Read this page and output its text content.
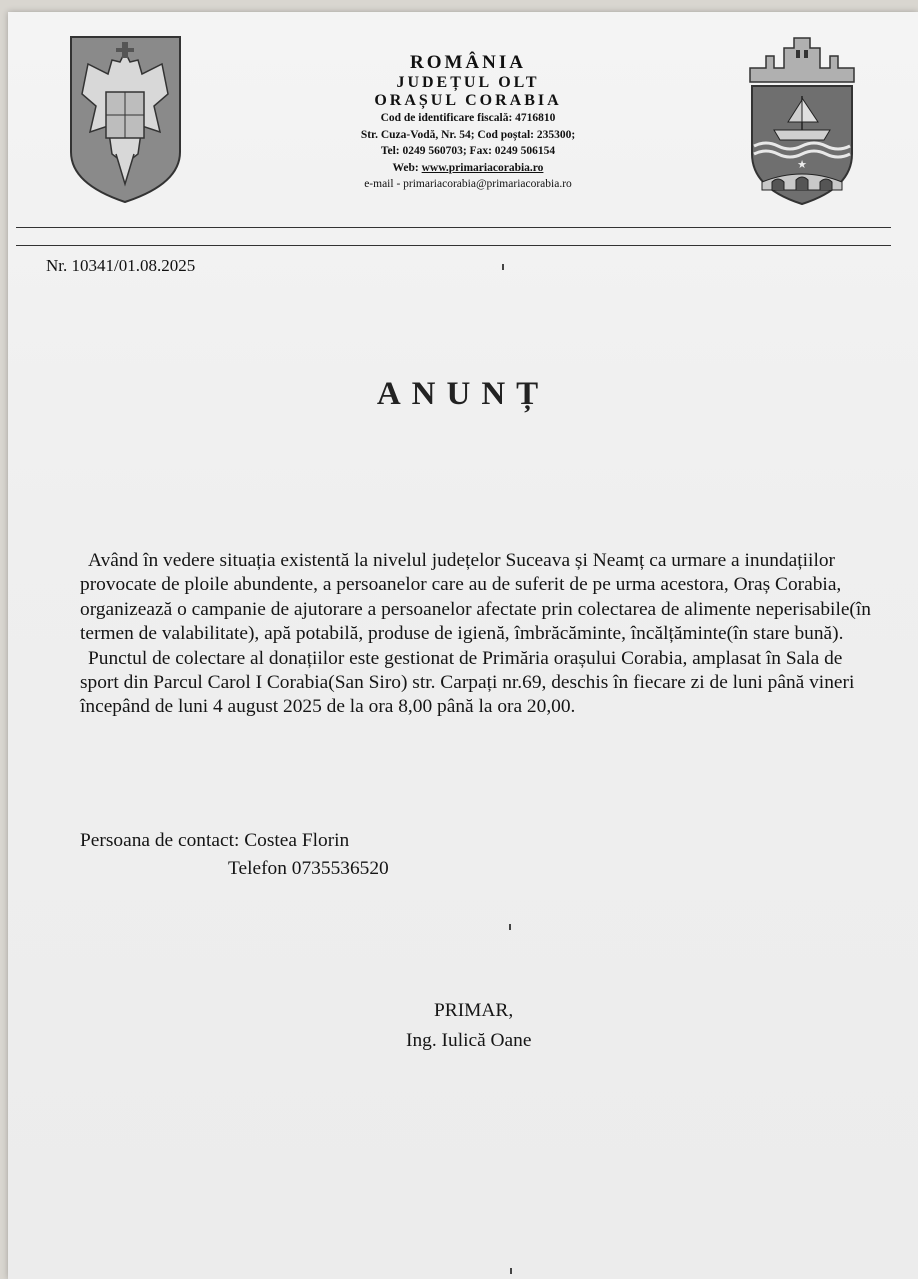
ROMÂNIA
JUDEȚUL OLT
ORAȘUL CORABIA
Cod de identificare fiscală: 4716810
Str. Cuza-Vodă, Nr. 54; Cod poștal: 235300;
Tel: 0249 560703; Fax: 0249 506154
Web: www.primariacorabia.ro
e-mail - primariacorabia@primariacorabia.ro
★
Nr. 10341/01.08.2025
ANUNȚ

Având în vedere situația existentă la nivelul județelor Suceava și Neamț ca urmare a inundațiilor provocate de ploile abundente, a persoanelor care au de suferit de pe urma acestora, Oraș Corabia, organizează o campanie de ajutorare a persoanelor afectate prin colectarea de alimente neperisabile(în termen de valabilitate), apă potabilă, produse de igienă, îmbrăcăminte, încălțăminte(în stare bună).

Punctul de colectare al donațiilor este gestionat de Primăria orașului Corabia, amplasat în Sala de sport din Parcul Carol I Corabia(San Siro) str. Carpați nr.69, deschis în fiecare zi de luni până vineri începând de luni 4 august 2025 de la ora 8,00 până la ora 20,00.

Persoana de contact: Costea Florin
Telefon 0735536520
PRIMAR,
Ing. Iulică Oane
